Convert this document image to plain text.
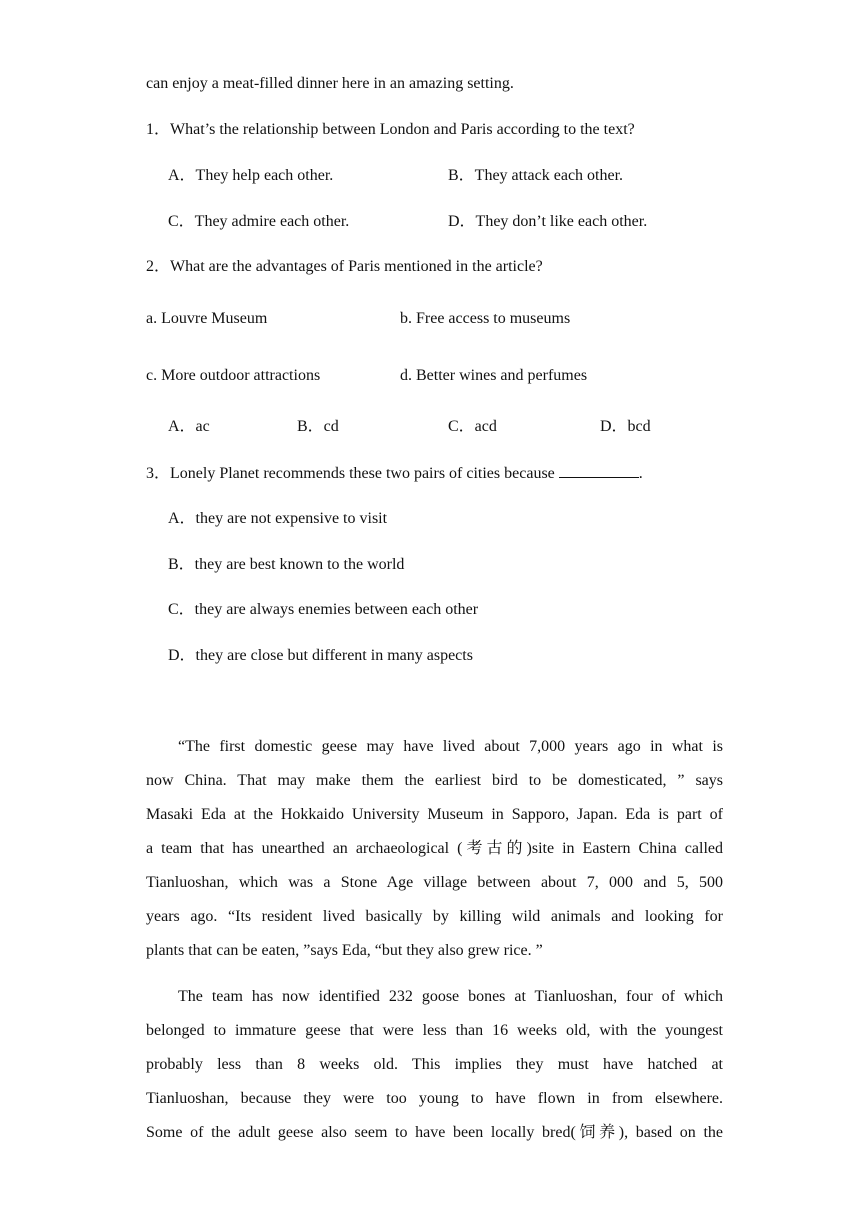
can enjoy a meat-filled dinner here in an amazing setting.
1．What’s the relationship between London and Paris according to the text?
A．They help each other.	B．They attack each other.
C．They admire each other.	D．They don’t like each other.
2．What are the advantages of Paris mentioned in the article?
a. Louvre Museum	b. Free access to museums
c. More outdoor attractions	d. Better wines and perfumes
A．ac	B．cd	C．acd	D．bcd
3．Lonely Planet recommends these two pairs of cities because	.
A．they are not expensive to visit
B．they are best known to the world
C．they are always enemies between each other
D．they are close but different in many aspects
“The first domestic geese may have lived about 7,000 years ago in what is
now China. That may make them the earliest bird to be domesticated, ” says
Masaki Eda at the Hokkaido University Museum in Sapporo, Japan. Eda is part of
a team that has unearthed an archaeological (考古的)site in Eastern China called
Tianluoshan, which was a Stone Age village between about 7, 000 and 5, 500
years ago. “Its resident lived basically by killing wild animals and looking for
plants that can be eaten, ”says Eda, “but they also grew rice. ”
The team has now identified 232 goose bones at Tianluoshan, four of which
belonged to immature geese that were less than 16 weeks old, with the youngest
probably less than 8 weeks old. This implies they must have hatched at
Tianluoshan, because they were too young to have flown in from elsewhere.
Some of the adult geese also seem to have been locally bred(饲养), based on the
